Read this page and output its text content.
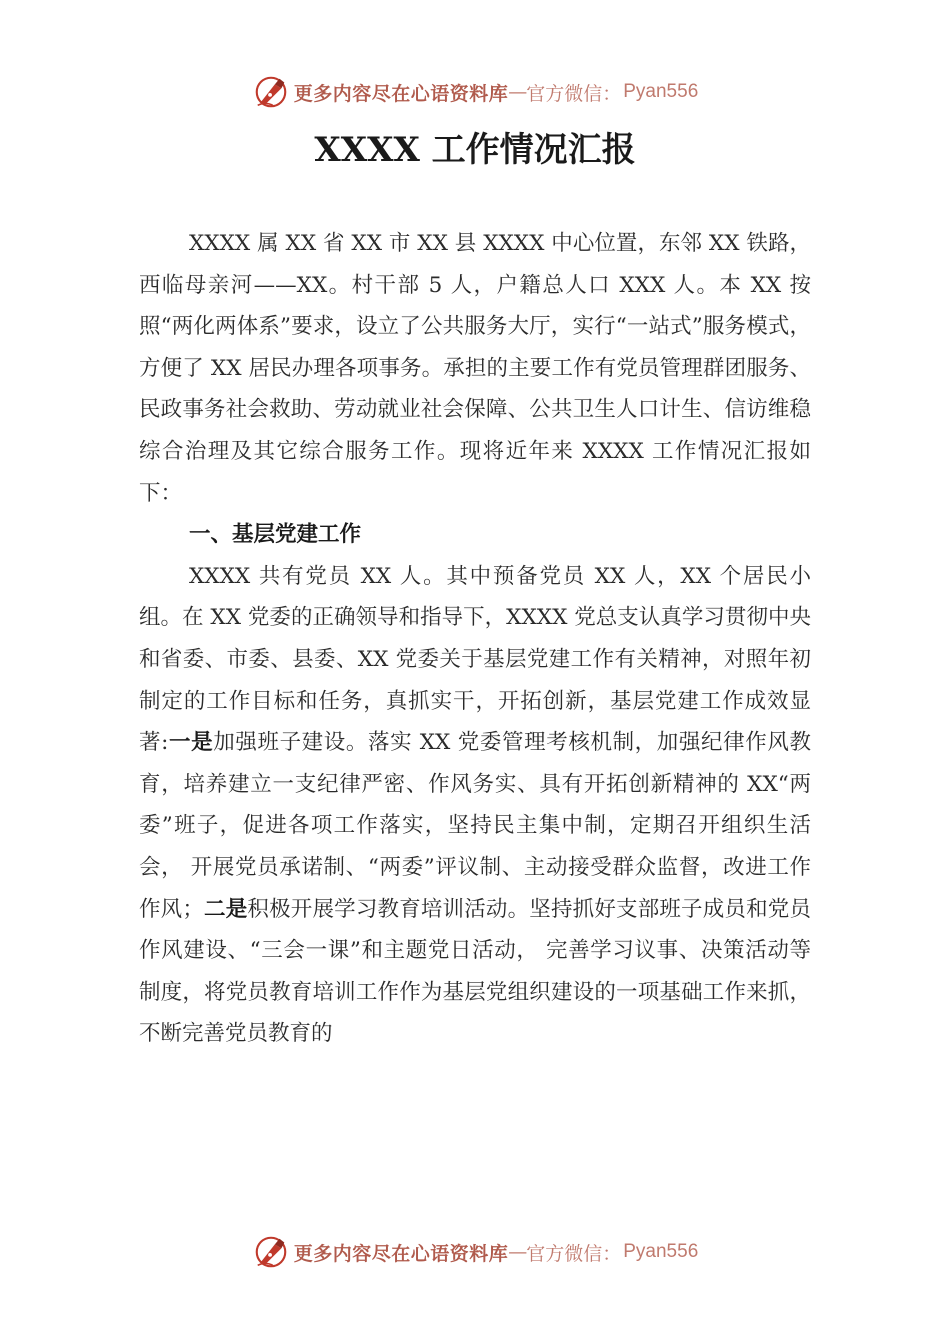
更多内容尽在心语资料库 — 官方微信： Pyan556
XXXX 工作情况汇报

XXXX 属 XX 省 XX 市 XX 县 XXXX 中心位置，东邻 XX 铁路， 西临母亲河——XX。村干部 5 人，户籍总人口 XXX 人。本 XX 按照“两化两体系”要求，设立了公共服务大厅，实行“一站式”服务模式，方便了 XX 居民办理各项事务。承担的主要工作有党员管理群团服务、民政事务社会救助、劳动就业社会保障、公共卫生人口计生、信访维稳综合治理及其它综合服务工作。现将近年来 XXXX 工作情况汇报如下：

一、基层党建工作

XXXX 共有党员 XX 人。其中预备党员 XX 人，XX 个居民小组。在 XX 党委的正确领导和指导下，XXXX 党总支认真学习贯彻中央和省委、市委、县委、XX 党委关于基层党建工作有关精神，对照年初制定的工作目标和任务，真抓实干，开拓创新，基层党建工作成效显著:一是加强班子建设。落实 XX 党委管理考核机制，加强纪律作风教育，培养建立一支纪律严密、作风务实、具有开拓创新精神的 XX“两委”班子，促进各项工作落实，坚持民主集中制，定期召开组织生活会， 开展党员承诺制、“两委”评议制、主动接受群众监督，改进工作作风；二是积极开展学习教育培训活动。坚持抓好支部班子成员和党员作风建设、“三会一课”和主题党日活动， 完善学习议事、决策活动等制度，将党员教育培训工作作为基层党组织建设的一项基础工作来抓，不断完善党员教育的

更多内容尽在心语资料库 — 官方微信： Pyan556
